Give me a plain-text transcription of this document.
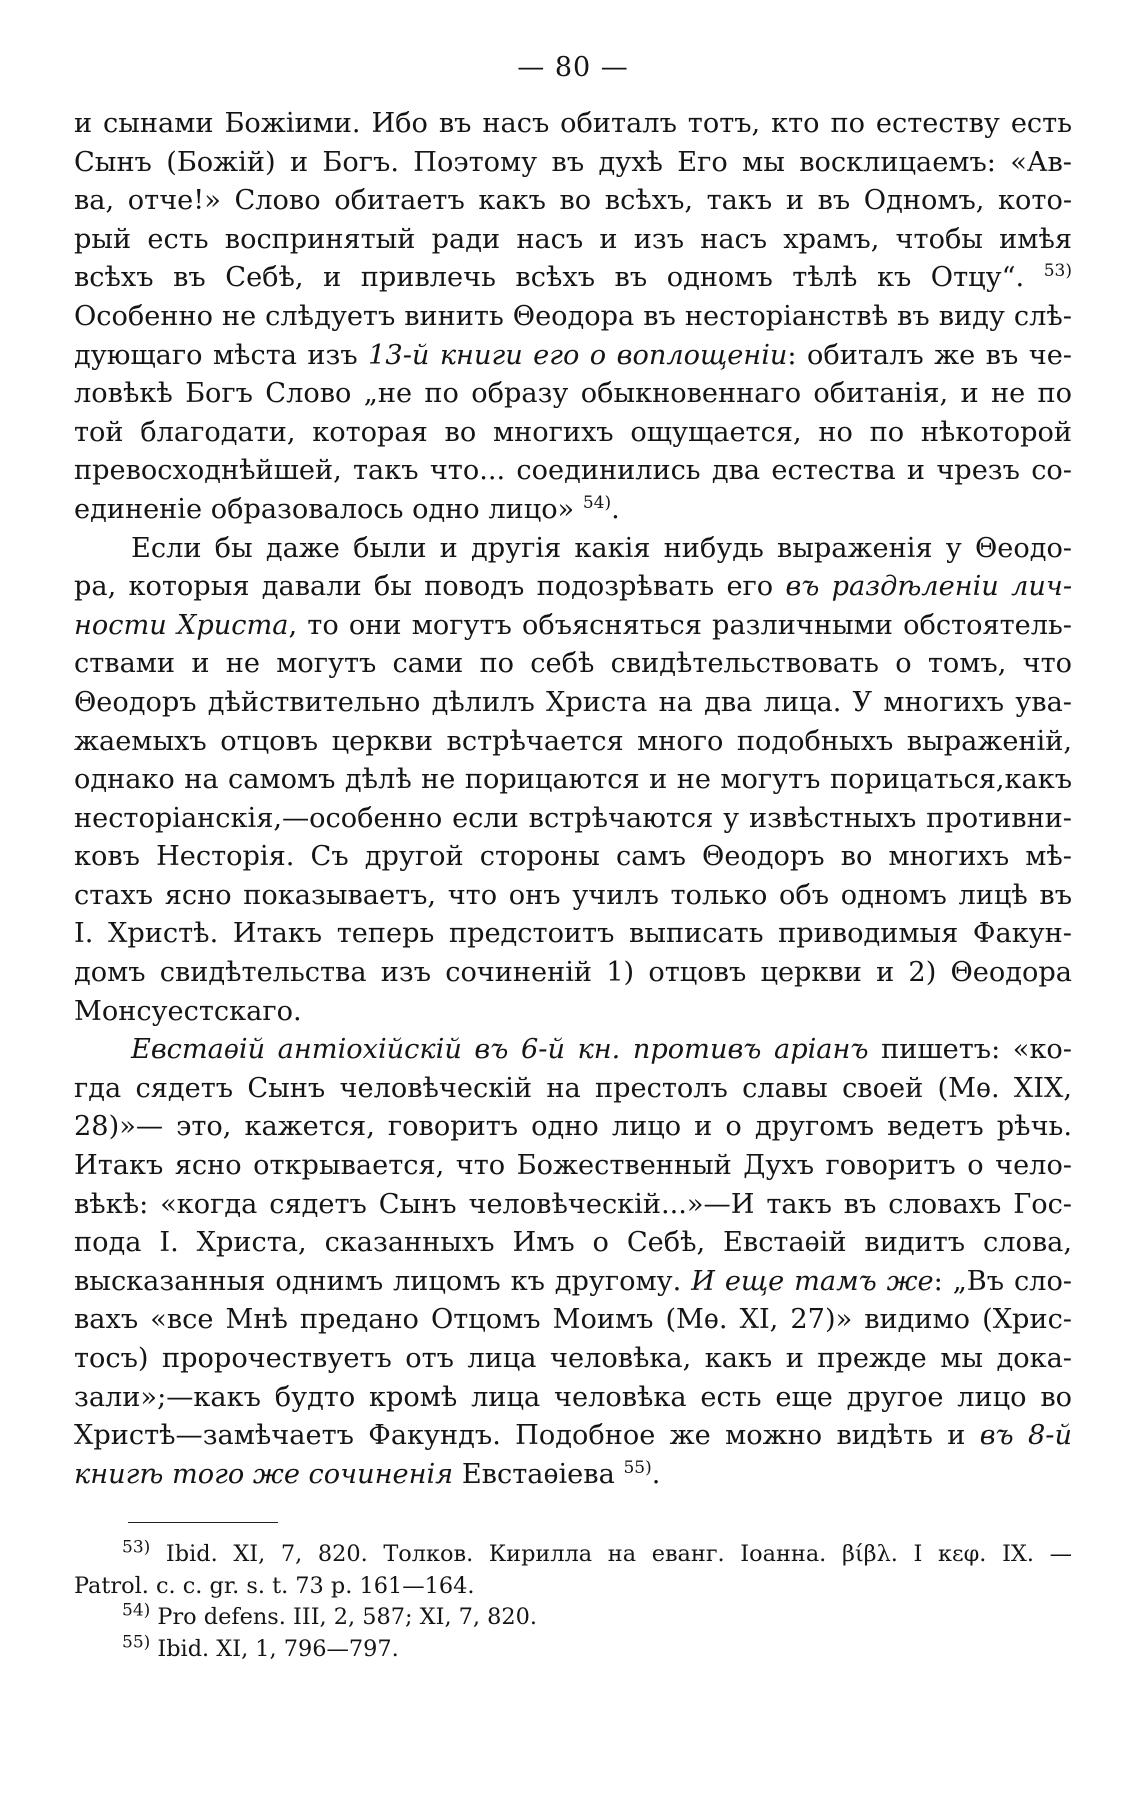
— 80 —
и сынами Божіими. Ибо въ насъ обиталъ тотъ, кто по естеству есть
Сынъ (Божій) и Богъ. Поэтому въ духѣ Его мы восклицаемъ: «Ав-
ва, отче!» Слово обитаетъ какъ во всѣхъ, такъ и въ Одномъ, кото-
рый есть воспринятый ради насъ и изъ насъ храмъ, чтобы имѣя
всѣхъ въ Себѣ, и привлечь всѣхъ въ одномъ тѣлѣ къ Отцу“. $^{53)}$
Особенно не слѣдуетъ винить Θеодора въ несторіанствѣ въ виду слѣ-
дующаго мѣста изъ 13-й книги его о воплощеніи: обиталъ же въ че-
ловѣкѣ Богъ Слово „не по образу обыкновеннаго обитанія, и не по
той благодати, которая во многихъ ощущается, но по нѣкоторой
превосходнѣйшей, такъ что... соединились два естества и чрезъ со-
единеніе образовалось одно лицо» $^{54)}$.
Если бы даже были и другія какія нибудь выраженія у Θеодо-
ра, которыя давали бы поводъ подозрѣвать его въ раздѣленіи лич-
ности Христа, то они могутъ объясняться различными обстоятель-
ствами и не могутъ сами по себѣ свидѣтельствовать о томъ, что
Θеодоръ дѣйствительно дѣлилъ Христа на два лица. У многихъ ува-
жаемыхъ отцовъ церкви встрѣчается много подобныхъ выраженій,
однако на самомъ дѣлѣ не порицаются и не могутъ порицаться,какъ
несторіанскія,—особенно если встрѣчаются у извѣстныхъ противни-
ковъ Несторія. Съ другой стороны самъ Θеодоръ во многихъ мѣ-
стахъ ясно показываетъ, что онъ училъ только объ одномъ лицѣ въ
І. Христѣ. Итакъ теперь предстоитъ выписать приводимыя Факун-
домъ свидѣтельства изъ сочиненій 1) отцовъ церкви и 2) Θеодора
Монсуестскаго.
Евстаѳій антіохійскій въ 6-й кн. противъ аріанъ пишетъ: «ко-
гда сядетъ Сынъ человѣческій на престолъ славы своей (Мѳ. XIX,
28)»— это, кажется, говоритъ одно лицо и о другомъ ведетъ рѣчь.
Итакъ ясно открывается, что Божественный Духъ говоритъ о чело-
вѣкѣ: «когда сядетъ Сынъ человѣческій...»—И такъ въ словахъ Гос-
пода І. Христа, сказанныхъ Имъ о Себѣ, Евстаѳій видитъ слова,
высказанныя однимъ лицомъ къ другому. И еще тамъ же: „Въ сло-
вахъ «все Мнѣ предано Отцомъ Моимъ (Мѳ. XI, 27)» видимо (Хрис-
тосъ) пророчествуетъ отъ лица человѣка, какъ и прежде мы дока-
зали»;—какъ будто кромѣ лица человѣка есть еще другое лицо во
Христѣ—замѣчаетъ Факундъ. Подобное же можно видѣть и въ 8-й
книгѣ того же сочиненія Евстаѳіева $^{55)}$.
$^{53)}$ Ibid. XI, 7, 820. Толков. Кирилла на еванг. Іоанна. βίβλ. I κεφ. IX. —
Patrol. c. c. gr. s. t. 73 p. 161—164.
$^{54)}$ Pro defens. III, 2, 587; XI, 7, 820.
$^{55)}$ Ibid. XI, 1, 796—797.
